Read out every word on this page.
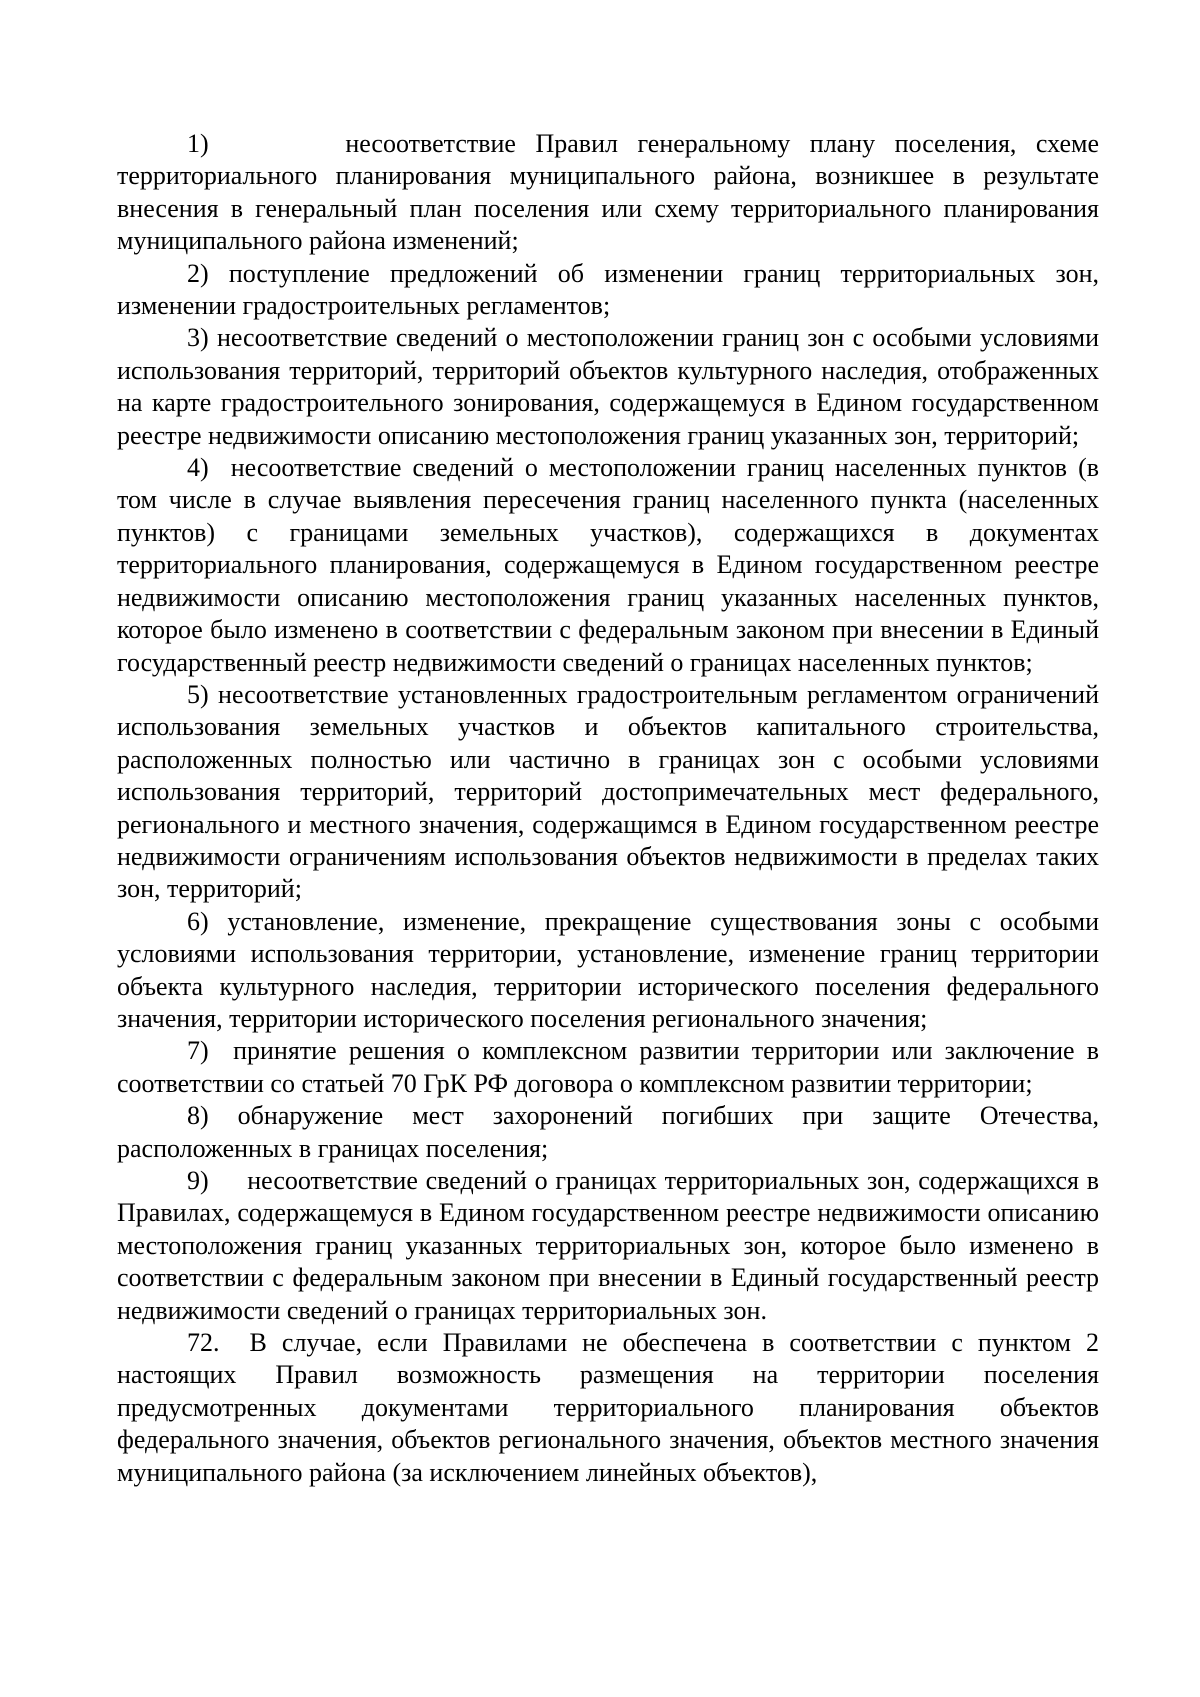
1)	несоответствие Правил генеральному плану поселения, схеме территориального планирования муниципального района, возникшее в результате внесения в генеральный план поселения или схему территориального планирования муниципального района изменений;

2) поступление предложений об изменении границ территориальных зон, изменении градостроительных регламентов;

3) несоответствие сведений о местоположении границ зон с особыми условиями использования территорий, территорий объектов культурного наследия, отображенных на карте градостроительного зонирования, содержащемуся в Едином государственном реестре недвижимости описанию местоположения границ указанных зон, территорий;

4) несоответствие сведений о местоположении границ населенных пунктов (в том числе в случае выявления пересечения границ населенного пункта (населенных пунктов) с границами земельных участков), содержащихся в документах территориального планирования, содержащемуся в Едином государственном реестре недвижимости описанию местоположения границ указанных населенных пунктов, которое было изменено в соответствии с федеральным законом при внесении в Единый государственный реестр недвижимости сведений о границах населенных пунктов;

5) несоответствие установленных градостроительным регламентом ограничений использования земельных участков и объектов капитального строительства, расположенных полностью или частично в границах зон с особыми условиями использования территорий, территорий достопримечательных мест федерального, регионального и местного значения, содержащимся в Едином государственном реестре недвижимости ограничениям использования объектов недвижимости в пределах таких зон, территорий;

6) установление, изменение, прекращение существования зоны с особыми условиями использования территории, установление, изменение границ территории объекта культурного наследия, территории исторического поселения федерального значения, территории исторического поселения регионального значения;

7) принятие решения о комплексном развитии территории или заключение в соответствии со статьей 70 ГрК РФ договора о комплексном развитии территории;

8) обнаружение мест захоронений погибших при защите Отечества, расположенных в границах поселения;

9) несоответствие сведений о границах территориальных зон, содержащихся в Правилах, содержащемуся в Едином государственном реестре недвижимости описанию местоположения границ указанных территориальных зон, которое было изменено в соответствии с федеральным законом при внесении в Единый государственный реестр недвижимости сведений о границах территориальных зон.

72. В случае, если Правилами не обеспечена в соответствии с пунктом 2 настоящих Правил возможность размещения на территории поселения предусмотренных документами территориального планирования объектов федерального значения, объектов регионального значения, объектов местного значения муниципального района (за исключением линейных объектов),
